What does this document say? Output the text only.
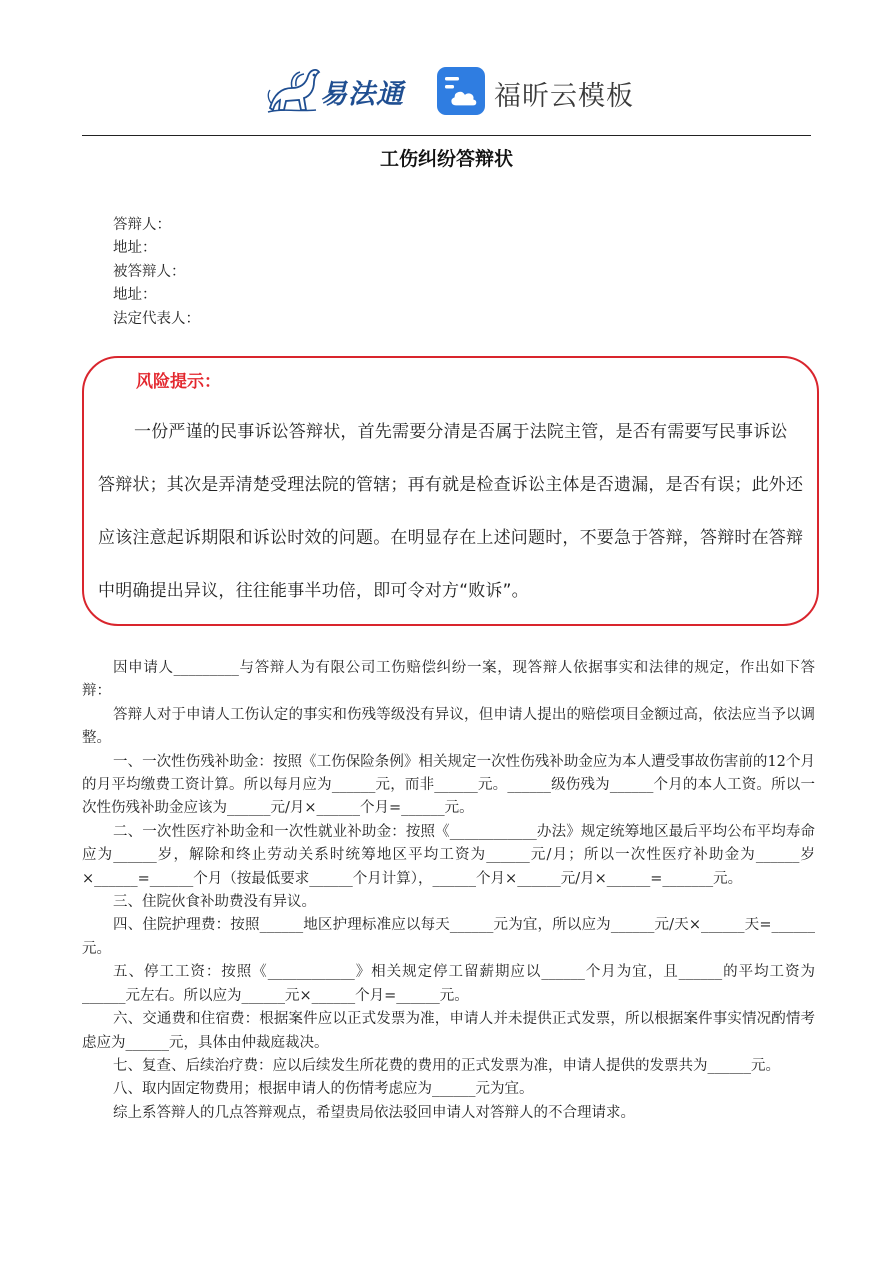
易法通	福昕云模板
工伤纠纷答辩状
答辩人：
地址：
被答辩人：
地址：
法定代表人：
风险提示：
一份严谨的民事诉讼答辩状，首先需要分清是否属于法院主管，是否有需要写民事诉讼答辩状；其次是弄清楚受理法院的管辖；再有就是检查诉讼主体是否遗漏，是否有误；此外还应该注意起诉期限和诉讼时效的问题。在明显存在上述问题时，不要急于答辩，答辩时在答辩中明确提出异议，往往能事半功倍，即可令对方“败诉”。

因申请人_________与答辩人为有限公司工伤赔偿纠纷一案，现答辩人依据事实和法律的规定，作出如下答辩：

答辩人对于申请人工伤认定的事实和伤残等级没有异议，但申请人提出的赔偿项目金额过高，依法应当予以调整。

一、一次性伤残补助金：按照《工伤保险条例》相关规定一次性伤残补助金应为本人遭受事故伤害前的12个月的月平均缴费工资计算。所以每月应为______元，而非______元。______级伤残为______个月的本人工资。所以一次性伤残补助金应该为______元/月×______个月=______元。

二、一次性医疗补助金和一次性就业补助金：按照《____________办法》规定统筹地区最后平均公布平均寿命应为______岁，解除和终止劳动关系时统筹地区平均工资为______元/月；所以一次性医疗补助金为______岁×______=______个月（按最低要求______个月计算），______个月×______元/月×______=_______元。

三、住院伙食补助费没有异议。

四、住院护理费：按照______地区护理标准应以每天______元为宜，所以应为______元/天×______天=______元。

五、停工工资：按照《____________》相关规定停工留薪期应以______个月为宜，且______的平均工资为______元左右。所以应为______元×______个月=______元。

六、交通费和住宿费：根据案件应以正式发票为准，申请人并未提供正式发票，所以根据案件事实情况酌情考虑应为______元，具体由仲裁庭裁决。

七、复查、后续治疗费：应以后续发生所花费的费用的正式发票为准，申请人提供的发票共为______元。

八、取内固定物费用；根据申请人的伤情考虑应为______元为宜。

综上系答辩人的几点答辩观点，希望贵局依法驳回申请人对答辩人的不合理请求。
